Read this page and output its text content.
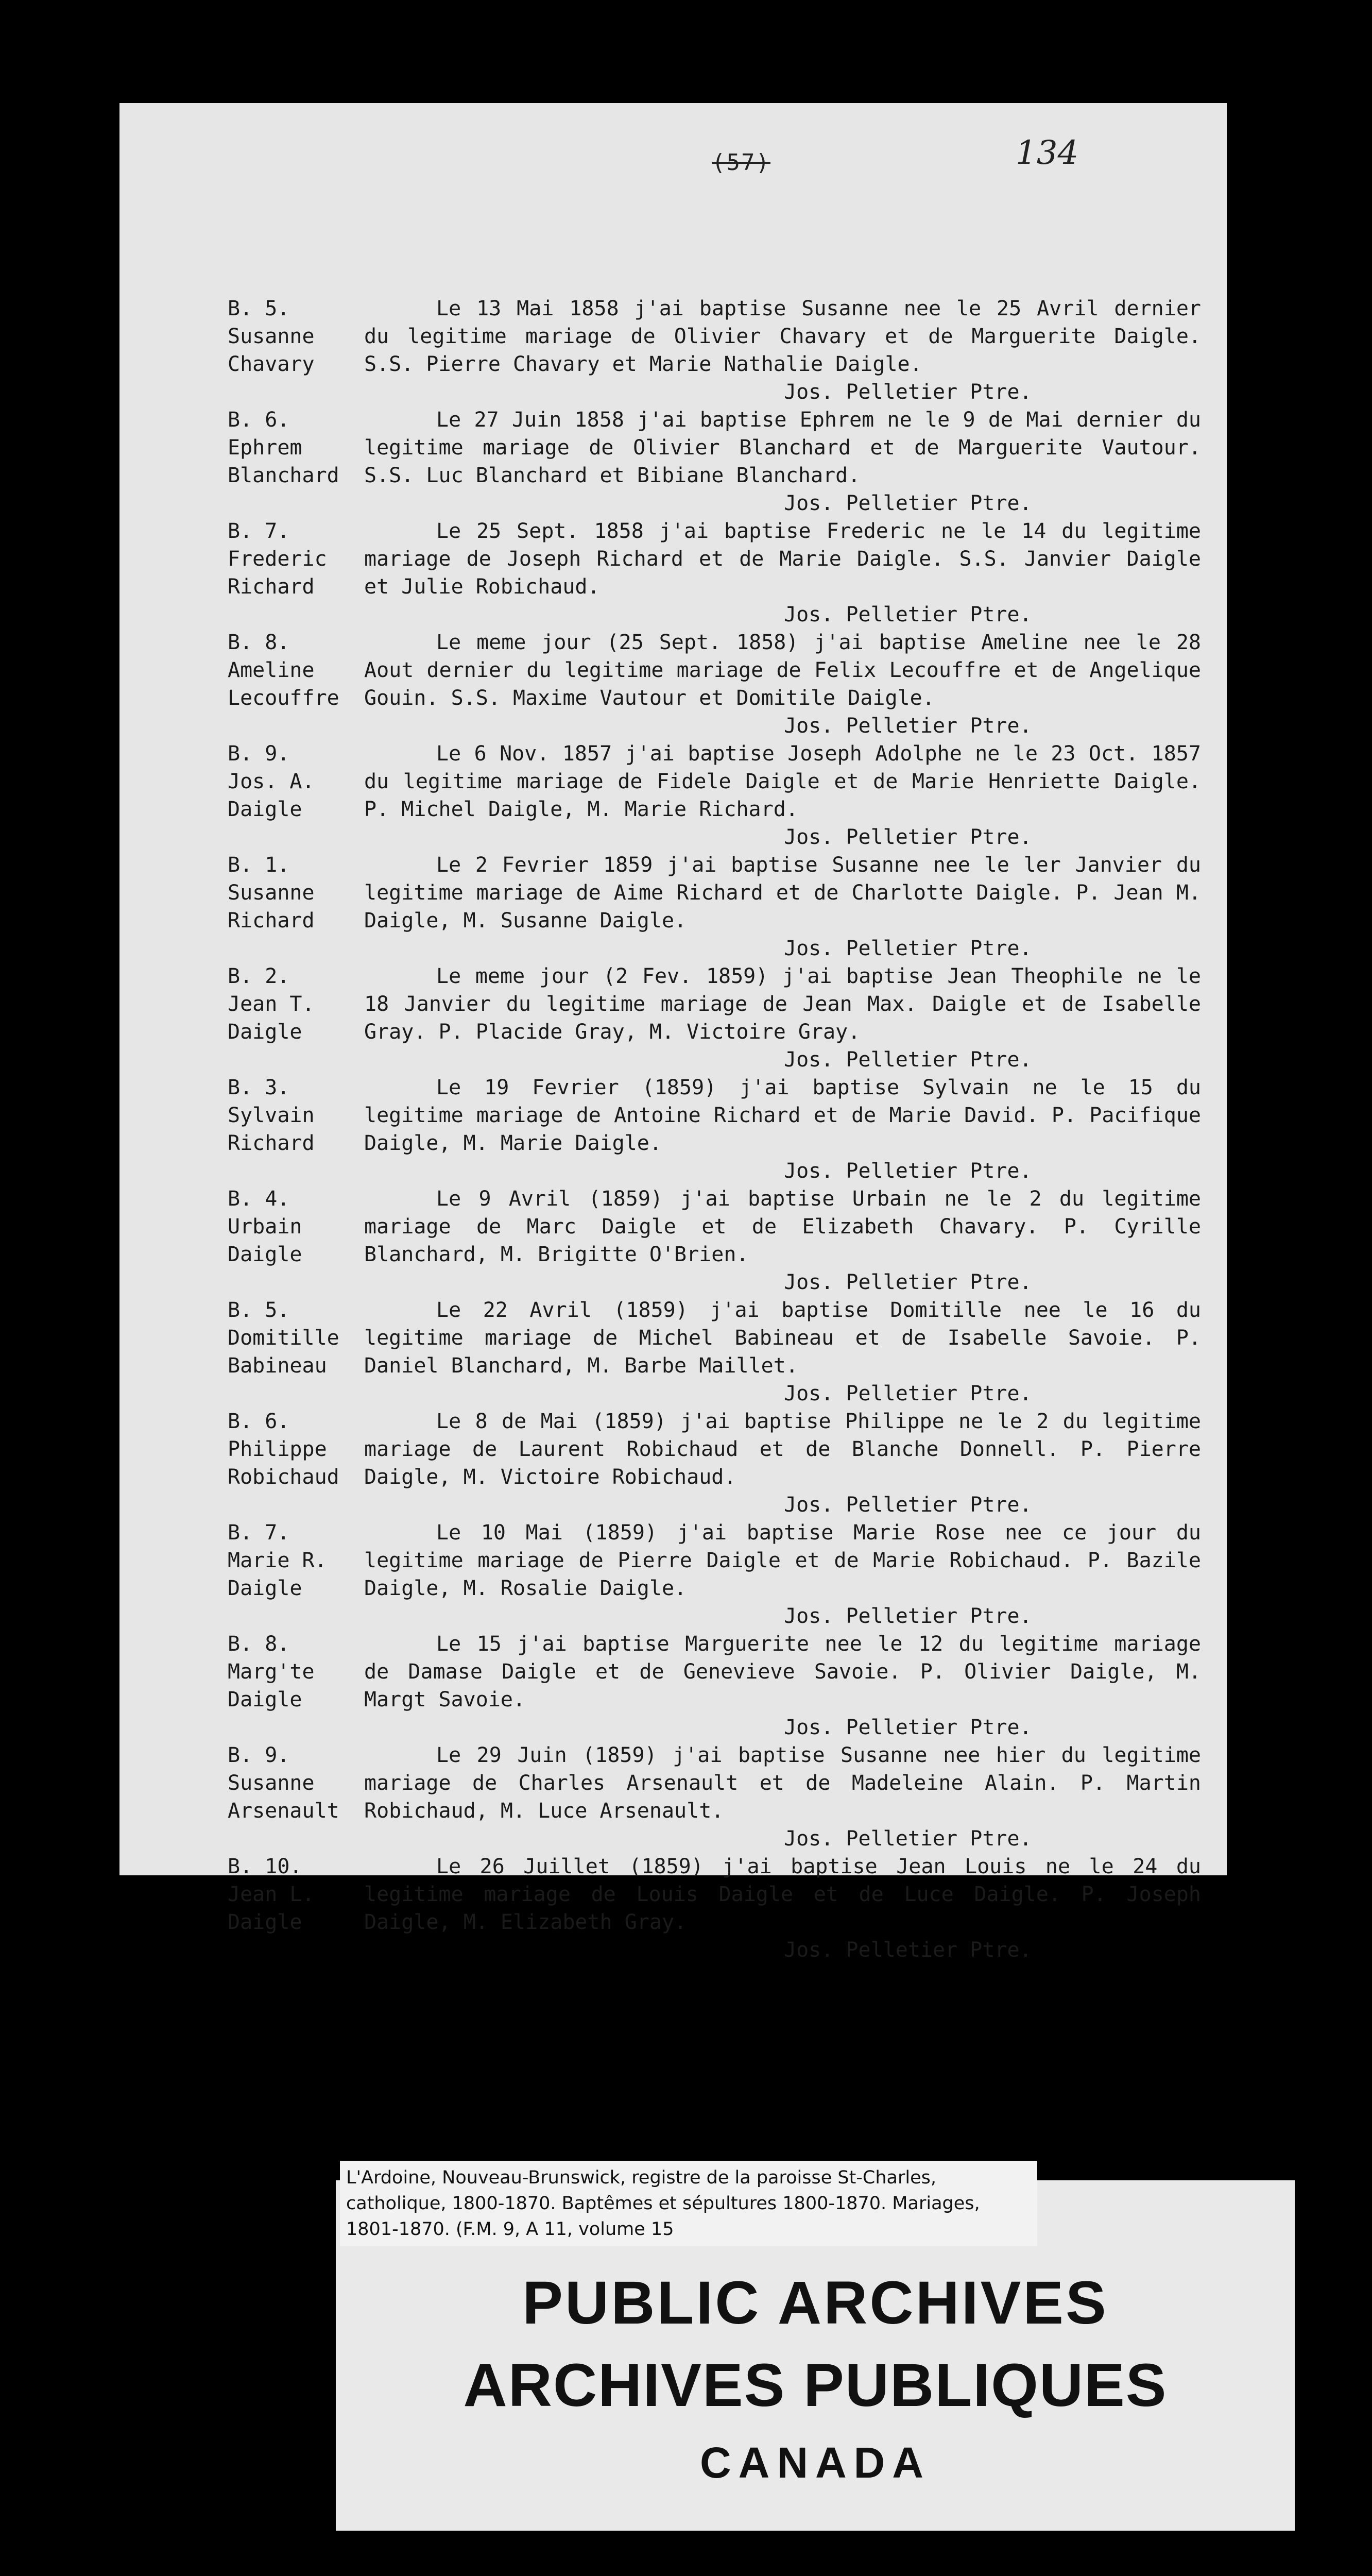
(57)	134
B. 5.
Susanne
Chavary
Le 13 Mai 1858 j'ai baptise Susanne nee le 25 Avril dernier du legitime mariage de Olivier Chavary et de Marguerite Daigle. S.S. Pierre Chavary et Marie Nathalie Daigle.
Jos. Pelletier Ptre.
B. 6.
Ephrem
Blanchard
Le 27 Juin 1858 j'ai baptise Ephrem ne le 9 de Mai dernier du legitime mariage de Olivier Blanchard et de Marguerite Vautour. S.S. Luc Blanchard et Bibiane Blanchard.
Jos. Pelletier Ptre.
B. 7.
Frederic
Richard
Le 25 Sept. 1858 j'ai baptise Frederic ne le 14 du legitime mariage de Joseph Richard et de Marie Daigle. S.S. Janvier Daigle et Julie Robichaud.
Jos. Pelletier Ptre.
B. 8.
Ameline
Lecouffre
Le meme jour (25 Sept. 1858) j'ai baptise Ameline nee le 28 Aout dernier du legitime mariage de Felix Lecouffre et de Angelique Gouin. S.S. Maxime Vautour et Domitile Daigle.
Jos. Pelletier Ptre.
B. 9.
Jos. A.
Daigle
Le 6 Nov. 1857 j'ai baptise Joseph Adolphe ne le 23 Oct. 1857 du legitime mariage de Fidele Daigle et de Marie Henriette Daigle. P. Michel Daigle, M. Marie Richard.
Jos. Pelletier Ptre.
B. 1.
Susanne
Richard
Le 2 Fevrier 1859 j'ai baptise Susanne nee le ler Janvier du legitime mariage de Aime Richard et de Charlotte Daigle. P. Jean M. Daigle, M. Susanne Daigle.
Jos. Pelletier Ptre.
B. 2.
Jean T.
Daigle
Le meme jour (2 Fev. 1859) j'ai baptise Jean Theophile ne le 18 Janvier du legitime mariage de Jean Max. Daigle et de Isabelle Gray. P. Placide Gray, M. Victoire Gray.
Jos. Pelletier Ptre.
B. 3.
Sylvain
Richard
Le 19 Fevrier (1859) j'ai baptise Sylvain ne le 15 du legitime mariage de Antoine Richard et de Marie David. P. Pacifique Daigle, M. Marie Daigle.
Jos. Pelletier Ptre.
B. 4.
Urbain
Daigle
Le 9 Avril (1859) j'ai baptise Urbain ne le 2 du legitime mariage de Marc Daigle et de Elizabeth Chavary. P. Cyrille Blanchard, M. Brigitte O'Brien.
Jos. Pelletier Ptre.
B. 5.
Domitille
Babineau
Le 22 Avril (1859) j'ai baptise Domitille nee le 16 du legitime mariage de Michel Babineau et de Isabelle Savoie. P. Daniel Blanchard, M. Barbe Maillet.
Jos. Pelletier Ptre.
B. 6.
Philippe
Robichaud
Le 8 de Mai (1859) j'ai baptise Philippe ne le 2 du legitime mariage de Laurent Robichaud et de Blanche Donnell. P. Pierre Daigle, M. Victoire Robichaud.
Jos. Pelletier Ptre.
B. 7.
Marie R.
Daigle
Le 10 Mai (1859) j'ai baptise Marie Rose nee ce jour du legitime mariage de Pierre Daigle et de Marie Robichaud. P. Bazile Daigle, M. Rosalie Daigle.
Jos. Pelletier Ptre.
B. 8.
Marg'te
Daigle
Le 15 j'ai baptise Marguerite nee le 12 du legitime mariage de Damase Daigle et de Genevieve Savoie. P. Olivier Daigle, M. Margt Savoie.
Jos. Pelletier Ptre.
B. 9.
Susanne
Arsenault
Le 29 Juin (1859) j'ai baptise Susanne nee hier du legitime mariage de Charles Arsenault et de Madeleine Alain. P. Martin Robichaud, M. Luce Arsenault.
Jos. Pelletier Ptre.
B. 10.
Jean L.
Daigle
Le 26 Juillet (1859) j'ai baptise Jean Louis ne le 24 du legitime mariage de Louis Daigle et de Luce Daigle. P. Joseph Daigle, M. Elizabeth Gray.
Jos. Pelletier Ptre.
PUBLIC ARCHIVES
ARCHIVES PUBLIQUES
CANADA
L'Ardoine, Nouveau-Brunswick, registre de la paroisse St-Charles, catholique, 1800-1870. Baptêmes et sépultures 1800-1870. Mariages, 1801-1870. (F.M. 9, A 11, volume 15
